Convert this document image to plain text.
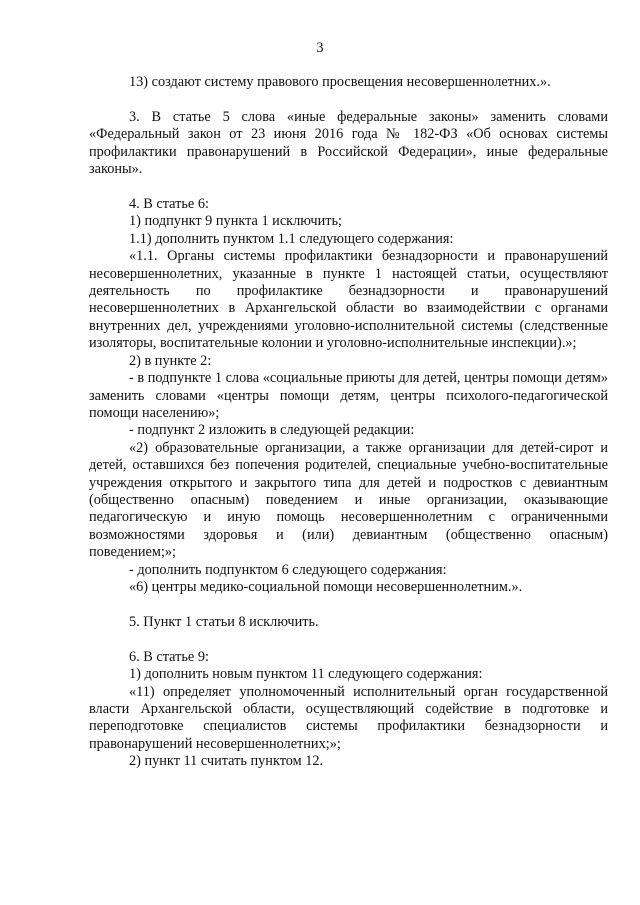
3

13) создают систему правового просвещения несовершеннолетних.».

3. В статье 5 слова «иные федеральные законы» заменить словами «Федеральный закон от 23 июня 2016 года № 182-ФЗ «Об основах системы профилактики правонарушений в Российской Федерации», иные федеральные законы».

4. В статье 6:

1) подпункт 9 пункта 1 исключить;

1.1) дополнить пунктом 1.1 следующего содержания:

«1.1. Органы системы профилактики безнадзорности и правонарушений несовершеннолетних, указанные в пункте 1 настоящей статьи, осуществляют деятельность по профилактике безнадзорности и правонарушений несовершеннолетних в Архангельской области во взаимодействии с органами внутренних дел, учреждениями уголовно-исполнительной системы (следственные изоляторы, воспитательные колонии и уголовно-исполнительные инспекции).»;

2) в пункте 2:

- в подпункте 1 слова «социальные приюты для детей, центры помощи детям» заменить словами «центры помощи детям, центры психолого-педагогической помощи населению»;

- подпункт 2 изложить в следующей редакции:

«2) образовательные организации, а также организации для детей-сирот и детей, оставшихся без попечения родителей, специальные учебно-воспитательные учреждения открытого и закрытого типа для детей и подростков с девиантным (общественно опасным) поведением и иные организации, оказывающие педагогическую и иную помощь несовершеннолетним с ограниченными возможностями здоровья и (или) девиантным (общественно опасным) поведением;»;

- дополнить подпунктом 6 следующего содержания:

«6) центры медико-социальной помощи несовершеннолетним.».

5. Пункт 1 статьи 8 исключить.

6. В статье 9:

1) дополнить новым пунктом 11 следующего содержания:

«11) определяет уполномоченный исполнительный орган государственной власти Архангельской области, осуществляющий содействие в подготовке и переподготовке специалистов системы профилактики безнадзорности и правонарушений несовершеннолетних;»;

2) пункт 11 считать пунктом 12.
